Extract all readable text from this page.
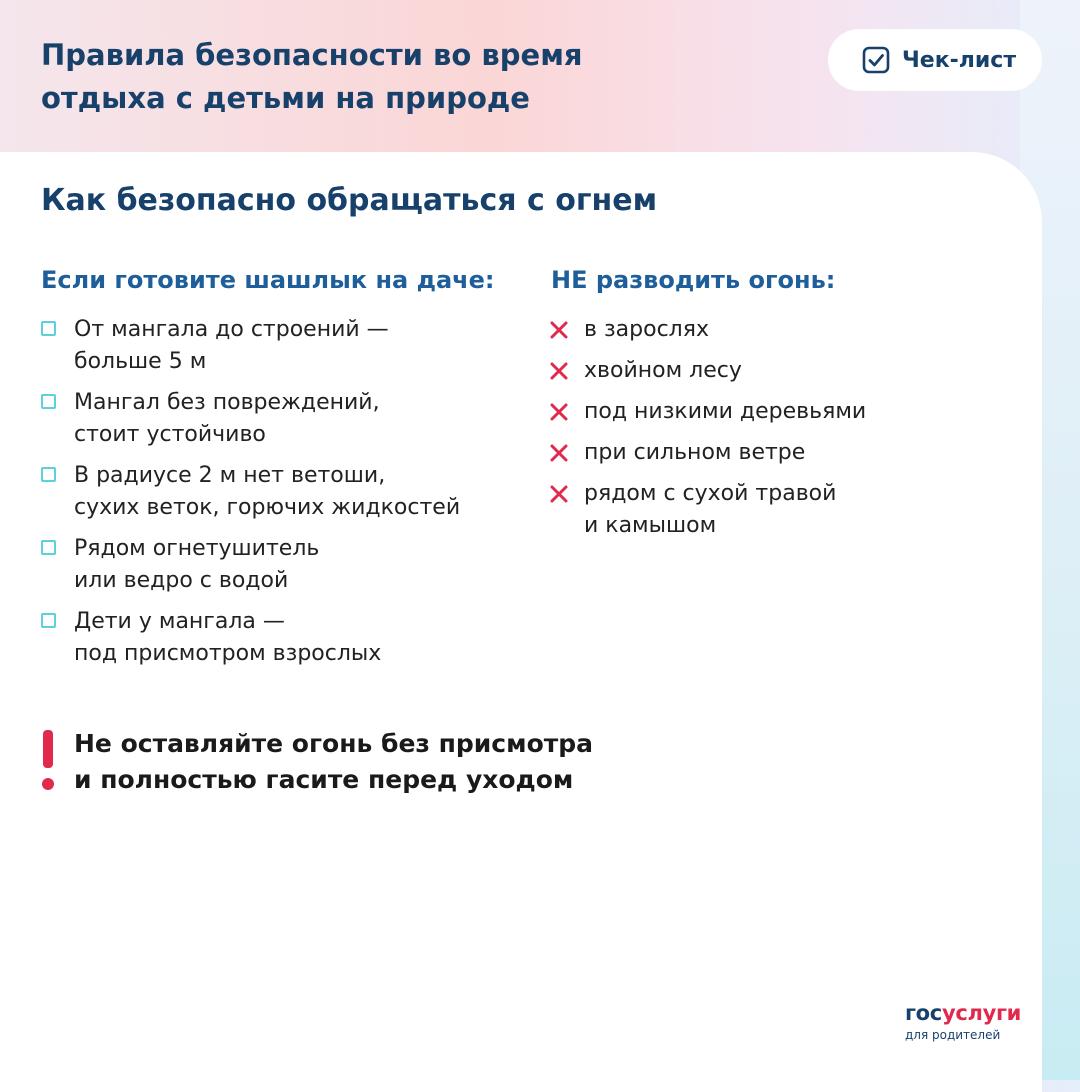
Правила безопасности во время
отдыха с детьми на природе
Чек-лист
Как безопасно обращаться с огнем
Если готовите шашлык на даче: НЕ разводить огонь:
От мангала до строений —
больше 5 м
Мангал без повреждений,
стоит устойчиво
В радиусе 2 м нет ветоши,
сухих веток, горючих жидкостей
Рядом огнетушитель
или ведро с водой
Дети у мангала —
под присмотром взрослых
в зарослях
хвойном лесу
под низкими деревьями
при сильном ветре
рядом с сухой травой
и камышом
Не оставляйте огонь без присмотра
и полностью гасите перед уходом
госуслуги
для родителей
